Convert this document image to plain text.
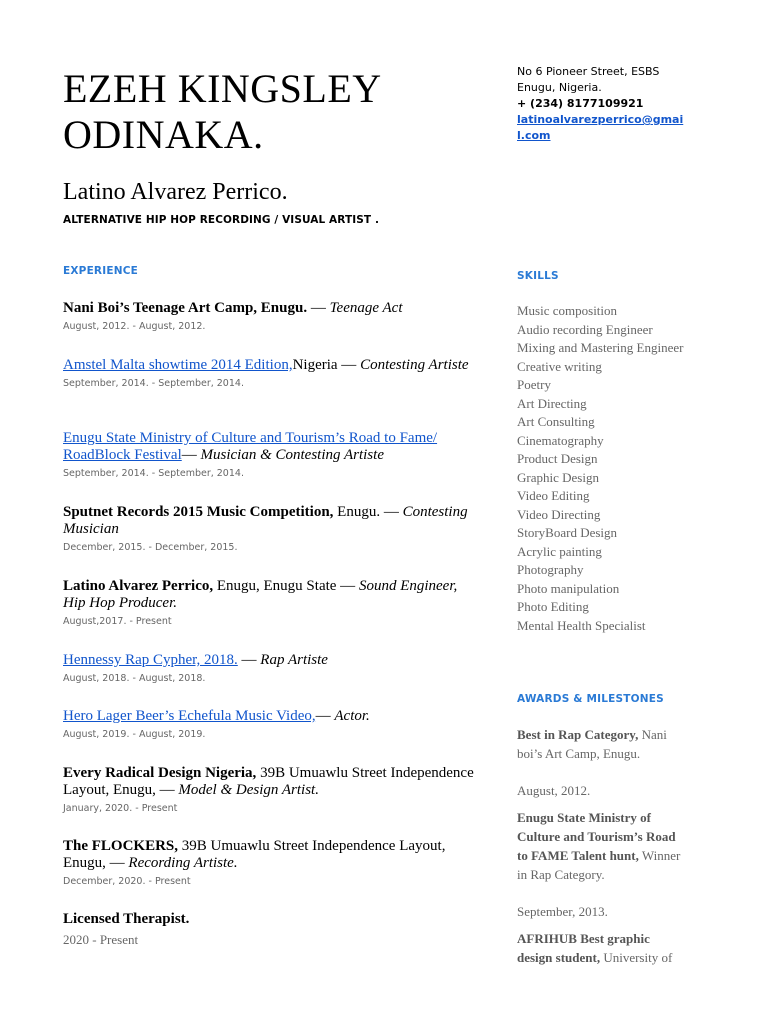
EZEH KINGSLEY
ODINAKA.
Latino Alvarez Perrico.
ALTERNATIVE HIP HOP RECORDING / VISUAL ARTIST .
No 6 Pioneer Street, ESBS
Enugu, Nigeria.
+ (234) 8177109921
latinoalvarezperrico@gmail.com
EXPERIENCE

Nani Boi’s Teenage Art Camp, Enugu. — Teenage Act

August, 2012. - August, 2012.

Amstel Malta showtime 2014 Edition,Nigeria — Contesting Artiste

September, 2014. - September, 2014.

Enugu State Ministry of Culture and Tourism’s Road to Fame/ RoadBlock Festival— Musician & Contesting Artiste

September, 2014. - September, 2014.

Sputnet Records 2015 Music Competition, Enugu. — Contesting Musician

December, 2015. - December, 2015.

Latino Alvarez Perrico, Enugu, Enugu State — Sound Engineer, Hip Hop Producer.

August,2017. - Present

Hennessy Rap Cypher, 2018. — Rap Artiste

August, 2018. - August, 2018.

Hero Lager Beer’s Echefula Music Video,— Actor.

August, 2019. - August, 2019.

Every Radical Design Nigeria, 39B Umuawlu Street Independence Layout, Enugu, — Model & Design Artist.

January, 2020. - Present

The FLOCKERS, 39B Umuawlu Street Independence Layout, Enugu, — Recording Artiste.

December, 2020. - Present

Licensed Therapist.

2020 - Present
SKILLS
Music composition
Audio recording Engineer
Mixing and Mastering Engineer
Creative writing
Poetry
Art Directing
Art Consulting
Cinematography
Product Design
Graphic Design
Video Editing
Video Directing
StoryBoard Design
Acrylic painting
Photography
Photo manipulation
Photo Editing
Mental Health Specialist
AWARDS & MILESTONES

Best in Rap Category, Nani boi’s Art Camp, Enugu.

August, 2012.

Enugu State Ministry of Culture and Tourism’s Road to FAME Talent hunt, Winner in Rap Category.

September, 2013.

AFRIHUB Best graphic design student, University of
